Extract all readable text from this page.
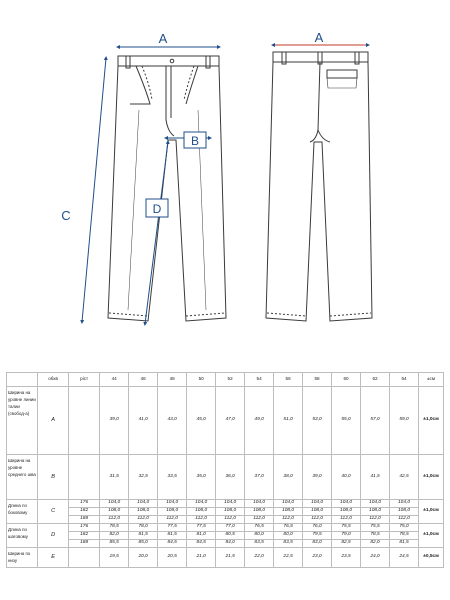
B
D
A	A
C
	обхв	ріст	44	46	48	50	52	54	56	58	60	62	64	±см
Ширина на уровне линии талии (свобод-а)	A		39,0	41,0	43,0	45,0	47,0	49,0	51,0	53,0	55,0	57,0	59,0	±1,0см
Ширина на уровне среднего шва	B		31,5	32,5	33,5	35,0	36,0	37,0	38,0	39,0	40,0	41,5	42,5	±1,0см
Длина по боковому	C	176	104,0	104,0	104,0	104,0	104,0	104,0	104,0	104,0	104,0	104,0	104,0	±1,0см
		182	108,0	108,0	108,0	108,0	108,0	108,0	108,0	108,0	108,0	108,0	108,0	
		188	112,0	112,0	112,0	112,0	112,0	112,0	112,0	112,0	112,0	112,0	112,0	
Длина по шаговому	D	176	78,5	78,0	77,5	77,5	77,0	76,5	76,5	76,0	75,5	75,5	75,0	±1,0см
		182	82,0	81,5	81,5	81,0	80,5	80,0	80,0	79,5	79,0	78,5	78,5	
		188	85,5	85,0	84,5	84,5	84,0	83,5	83,5	83,0	82,5	82,0	81,5	
Ширина по низу	E		19,5	20,0	20,5	21,0	21,5	22,0	22,5	23,0	23,5	24,0	24,5	±0,5см
